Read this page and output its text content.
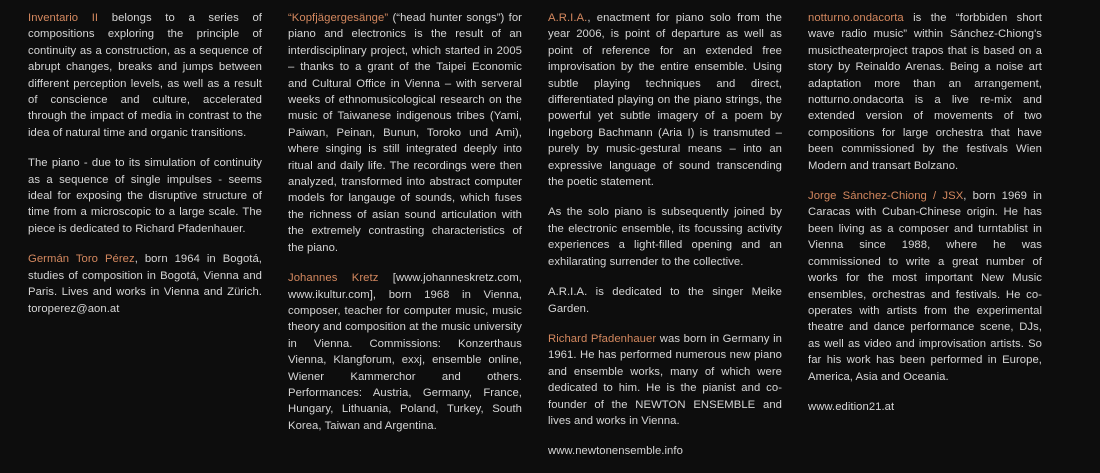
Inventario II belongs to a series of compositions exploring the principle of continuity as a construction, as a sequence of abrupt changes, breaks and jumps between different perception levels, as well as a result of conscience and culture, accelerated through the impact of media in contrast to the idea of natural time and organic transitions.

The piano - due to its simulation of continuity as a sequence of single impulses - seems ideal for exposing the disruptive structure of time from a microscopic to a large scale. The piece is dedicated to Richard Pfadenhauer.

Germán Toro Pérez, born 1964 in Bogotá, studies of composition in Bogotá, Vienna and Paris. Lives and works in Vienna and Zürich. toroperez@aon.at

“Kopfjägergesänge” (“head hunter songs”) for piano and electronics is the result of an interdisciplinary project, which started in 2005 – thanks to a grant of the Taipei Economic and Cultural Office in Vienna – with serveral weeks of ethnomusicological research on the music of Taiwanese indigenous tribes (Yami, Paiwan, Peinan, Bunun, Toroko und Ami), where singing is still integrated deeply into ritual and daily life. The recordings were then analyzed, transformed into abstract computer models for langauge of sounds, which fuses the richness of asian sound articulation with the extremely contrasting characteristics of the piano.

Johannes Kretz [www.johanneskretz.com, www.ikultur.com], born 1968 in Vienna, composer, teacher for computer music, music theory and composition at the music university in Vienna. Commissions: Konzerthaus Vienna, Klangforum, exxj, ensemble online, Wiener Kammerchor and others. Performances: Austria, Germany, France, Hungary, Lithuania, Poland, Turkey, South Korea, Taiwan and Argentina.

A.R.I.A., enactment for piano solo from the year 2006, is point of departure as well as point of reference for an extended free improvisation by the entire ensemble. Using subtle playing techniques and direct, differentiated playing on the piano strings, the powerful yet subtle imagery of a poem by Ingeborg Bachmann (Aria I) is transmuted – purely by music-gestural means – into an expressive language of sound transcending the poetic statement.

As the solo piano is subsequently joined by the electronic ensemble, its focussing activity experiences a light-filled opening and an exhilarating surrender to the collective.

A.R.I.A. is dedicated to the singer Meike Garden.

Richard Pfadenhauer was born in Germany in 1961. He has performed numerous new piano and ensemble works, many of which were dedicated to him. He is the pianist and co-founder of the NEWTON ENSEMBLE and lives and works in Vienna.

www.newtonensemble.info

notturno.ondacorta is the “forbbiden short wave radio music” within Sánchez-Chiong's musictheaterproject trapos that is based on a story by Reinaldo Arenas. Being a noise art adaptation more than an arrangement, notturno.ondacorta is a live re-mix and extended version of movements of two compositions for large orchestra that have been commissioned by the festivals Wien Modern and transart Bolzano.

Jorge Sánchez-Chiong / JSX, born 1969 in Caracas with Cuban-Chinese origin. He has been living as a composer and turntablist in Vienna since 1988, where he was commissioned to write a great number of works for the most important New Music ensembles, orchestras and festivals. He co-operates with artists from the experimental theatre and dance performance scene, DJs, as well as video and improvisation artists. So far his work has been performed in Europe, America, Asia and Oceania.

www.edition21.at
